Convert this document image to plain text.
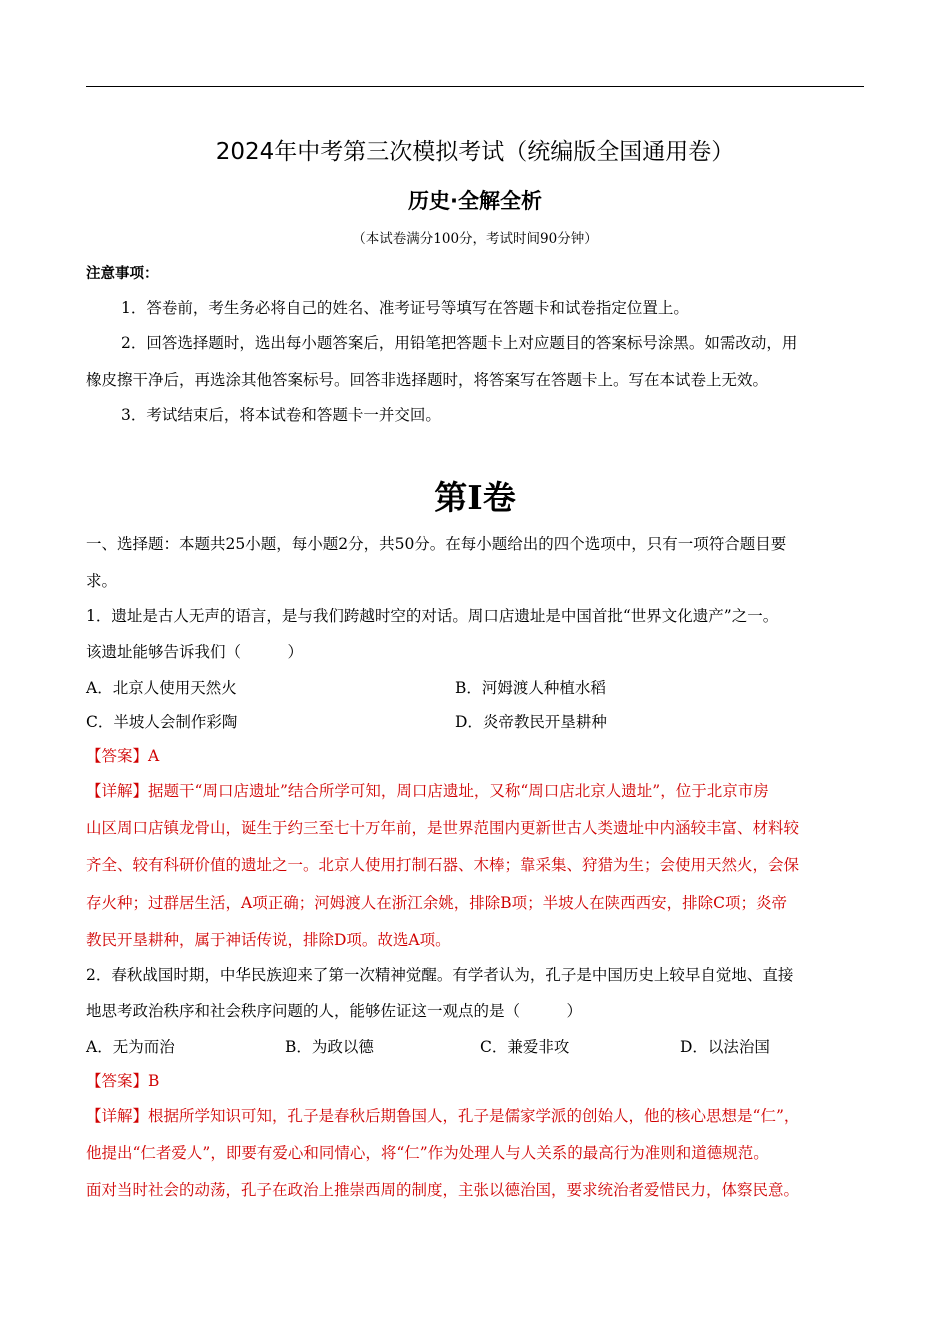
2024年中考第三次模拟考试（统编版全国通用卷）
历史·全解全析
（本试卷满分100分，考试时间90分钟）
注意事项：
1．答卷前，考生务必将自己的姓名、准考证号等填写在答题卡和试卷指定位置上。
2．回答选择题时，选出每小题答案后，用铅笔把答题卡上对应题目的答案标号涂黑。如需改动，用
橡皮擦干净后，再选涂其他答案标号。回答非选择题时，将答案写在答题卡上。写在本试卷上无效。
3．考试结束后，将本试卷和答题卡一并交回。
第Ⅰ卷
一、选择题：本题共25小题，每小题2分，共50分。在每小题给出的四个选项中，只有一项符合题目要
求。
1．遗址是古人无声的语言，是与我们跨越时空的对话。周口店遗址是中国首批“世界文化遗产”之一。
该遗址能够告诉我们（　　　）
A．北京人使用天然火	B．河姆渡人种植水稻
C．半坡人会制作彩陶	D．炎帝教民开垦耕种
【答案】A
【详解】据题干“周口店遗址”结合所学可知，周口店遗址，又称“周口店北京人遗址”，位于北京市房
山区周口店镇龙骨山，诞生于约三至七十万年前，是世界范围内更新世古人类遗址中内涵较丰富、材料较
齐全、较有科研价值的遗址之一。北京人使用打制石器、木棒；靠采集、狩猎为生；会使用天然火，会保
存火种；过群居生活，A项正确；河姆渡人在浙江余姚，排除B项；半坡人在陕西西安，排除C项；炎帝
教民开垦耕种，属于神话传说，排除D项。故选A项。
2．春秋战国时期，中华民族迎来了第一次精神觉醒。有学者认为，孔子是中国历史上较早自觉地、直接
地思考政治秩序和社会秩序问题的人，能够佐证这一观点的是（　　　）
A．无为而治	B．为政以德	C．兼爱非攻	D．以法治国
【答案】B
【详解】根据所学知识可知，孔子是春秋后期鲁国人，孔子是儒家学派的创始人，他的核心思想是“仁”，
他提出“仁者爱人”，即要有爱心和同情心，将“仁”作为处理人与人关系的最高行为准则和道德规范。
面对当时社会的动荡，孔子在政治上推崇西周的制度，主张以德治国，要求统治者爱惜民力，体察民意。
